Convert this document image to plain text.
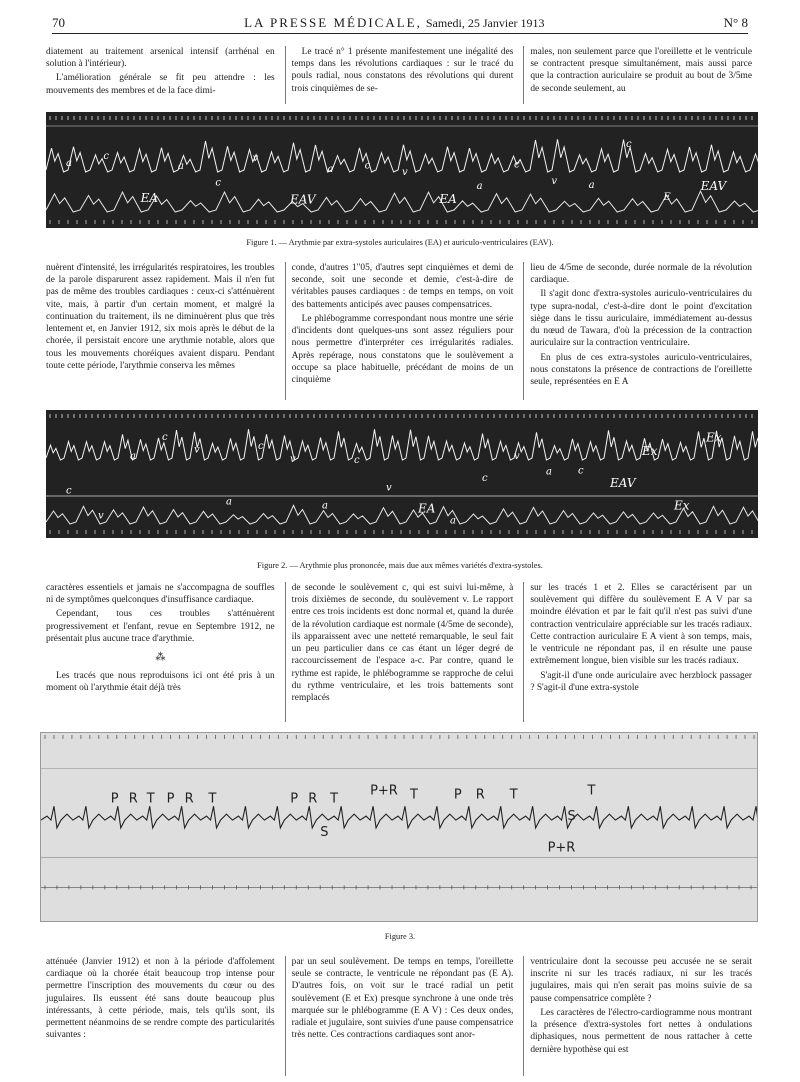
70	LA PRESSE MÉDICALE, Samedi, 25 Janvier 1913	N° 8

diatement au traitement arsenical intensif (arrhénal en solution à l'intérieur).

L'amélioration générale se fit peu attendre : les mouvements des membres et de la face dimi-

Le tracé n° 1 présente manifestement une inégalité des temps dans les révolutions cardiaques : sur le tracé du pouls radial, nous constatons des révolutions qui durent trois cinquièmes de se-

males, non seulement parce que l'oreillette et le ventricule se contractent presque simultanément, mais aussi parce que la contraction auriculaire se produit au bout de 3/5me de seconde seulement, au

a
c
EA
a
c
v
EAV
a	c
v
EA
a
c
v	a
c
E
EAV
Figure 1. — Arythmie par extra-systoles auriculaires (EA) et auriculo-ventriculaires (EAV).

nuèrent d'intensité, les irrégularités respiratoires, les troubles de la parole disparurent assez rapidement. Mais il n'en fut pas de même des troubles cardiaques : ceux-ci s'atténuèrent vite, mais, à partir d'un certain moment, et malgré la continuation du traitement, ils ne diminuèrent plus que très lentement et, en Janvier 1912, six mois après le début de la chorée, il persistait encore une arythmie notable, alors que tous les mouvements choréiques avaient disparu. Pendant toute cette période, l'arythmie conserva les mêmes

conde, d'autres 1"05, d'autres sept cinquièmes et demi de seconde, soit une seconde et demie, c'est-à-dire de véritables pauses cardiaques : de temps en temps, on voit des battements anticipés avec pauses compensatrices.

Le phlébogramme correspondant nous montre une série d'incidents dont quelques-uns sont assez réguliers pour nous permettre d'interpréter ces irrégularités radiales. Après repérage, nous constatons que le soulèvement a occupe sa place habituelle, précédant de moins de un cinquième

lieu de 4/5me de seconde, durée normale de la révolution cardiaque.

Il s'agit donc d'extra-systoles auriculo-ventriculaires du type supra-nodal, c'est-à-dire dont le point d'excitation siège dans le tissu auriculaire, immédiatement au-dessus du nœud de Tawara, d'où la précession de la contraction auriculaire sur la contraction ventriculaire.

En plus de ces extra-systoles auriculo-ventriculaires, nous constatons la présence de contractions de l'oreillette seule, représentées en E A

c
v
a
c
v
a
c
v
a
c
v
EA
a
c
v
a	c
EAV
Ex
Ex
Ex
Figure 2. — Arythmie plus prononcée, mais due aux mêmes variétés d'extra-systoles.

caractères essentiels et jamais ne s'accompagna de souffles ni de symptômes quelconques d'insuffisance cardiaque.

Cependant, tous ces troubles s'atténuèrent progressivement et l'enfant, revue en Septembre 1912, ne présentait plus aucune trace d'arythmie.

⁂

Les tracés que nous reproduisons ici ont été pris à un moment où l'arythmie était déjà très

de seconde le soulèvement c, qui est suivi lui-même, à trois dixièmes de seconde, du soulèvement v. Le rapport entre ces trois incidents est donc normal et, quand la durée de la révolution cardiaque est normale (4/5me de seconde), ils apparaissent avec une netteté remarquable, le seul fait un peu particulier dans ce cas étant un léger degré de raccourcissement de l'espace a-c. Par contre, quand le rythme est rapide, le phlébogramme se rapproche de celui du rythme ventriculaire, et les trois battements sont remplacés

sur les tracés 1 et 2. Elles se caractérisent par un soulèvement qui diffère du soulèvement E A V par sa moindre élévation et par le fait qu'il n'est pas suivi d'une contraction ventriculaire appréciable sur les tracés radiaux. Cette contraction auriculaire E A vient à son temps, mais, le ventricule ne répondant pas, il en résulte une pause extrêmement longue, bien visible sur les tracés radiaux.

S'agit-il d'une onde auriculaire avec herzblock passager ? S'agit-il d'une extra-systole

P R T P R T	P R T
P+R T	P R T	T
S
S
P+R
Figure 3.

atténuée (Janvier 1912) et non à la période d'affolement cardiaque où la chorée était beaucoup trop intense pour permettre l'inscription des mouvements du cœur ou des jugulaires. Ils eussent été sans doute beaucoup plus intéressants, à cette période, mais, tels qu'ils sont, ils permettent néanmoins de se rendre compte des particularités suivantes :

par un seul soulèvement. De temps en temps, l'oreillette seule se contracte, le ventricule ne répondant pas (E A). D'autres fois, on voit sur le tracé radial un petit soulèvement (E et Ex) presque synchrone à une onde très marquée sur le phlébogramme (E A V) : Ces deux ondes, radiale et jugulaire, sont suivies d'une pause compensatrice très nette. Ces contractions cardiaques sont anor-

ventriculaire dont la secousse peu accusée ne se serait inscrite ni sur les tracés radiaux, ni sur les tracés jugulaires, mais qui n'en serait pas moins suivie de sa pause compensatrice complète ?

Les caractères de l'électro-cardiogramme nous montrant la présence d'extra-systoles fort nettes à ondulations diphasiques, nous permettent de nous rattacher à cette dernière hypothèse qui est
